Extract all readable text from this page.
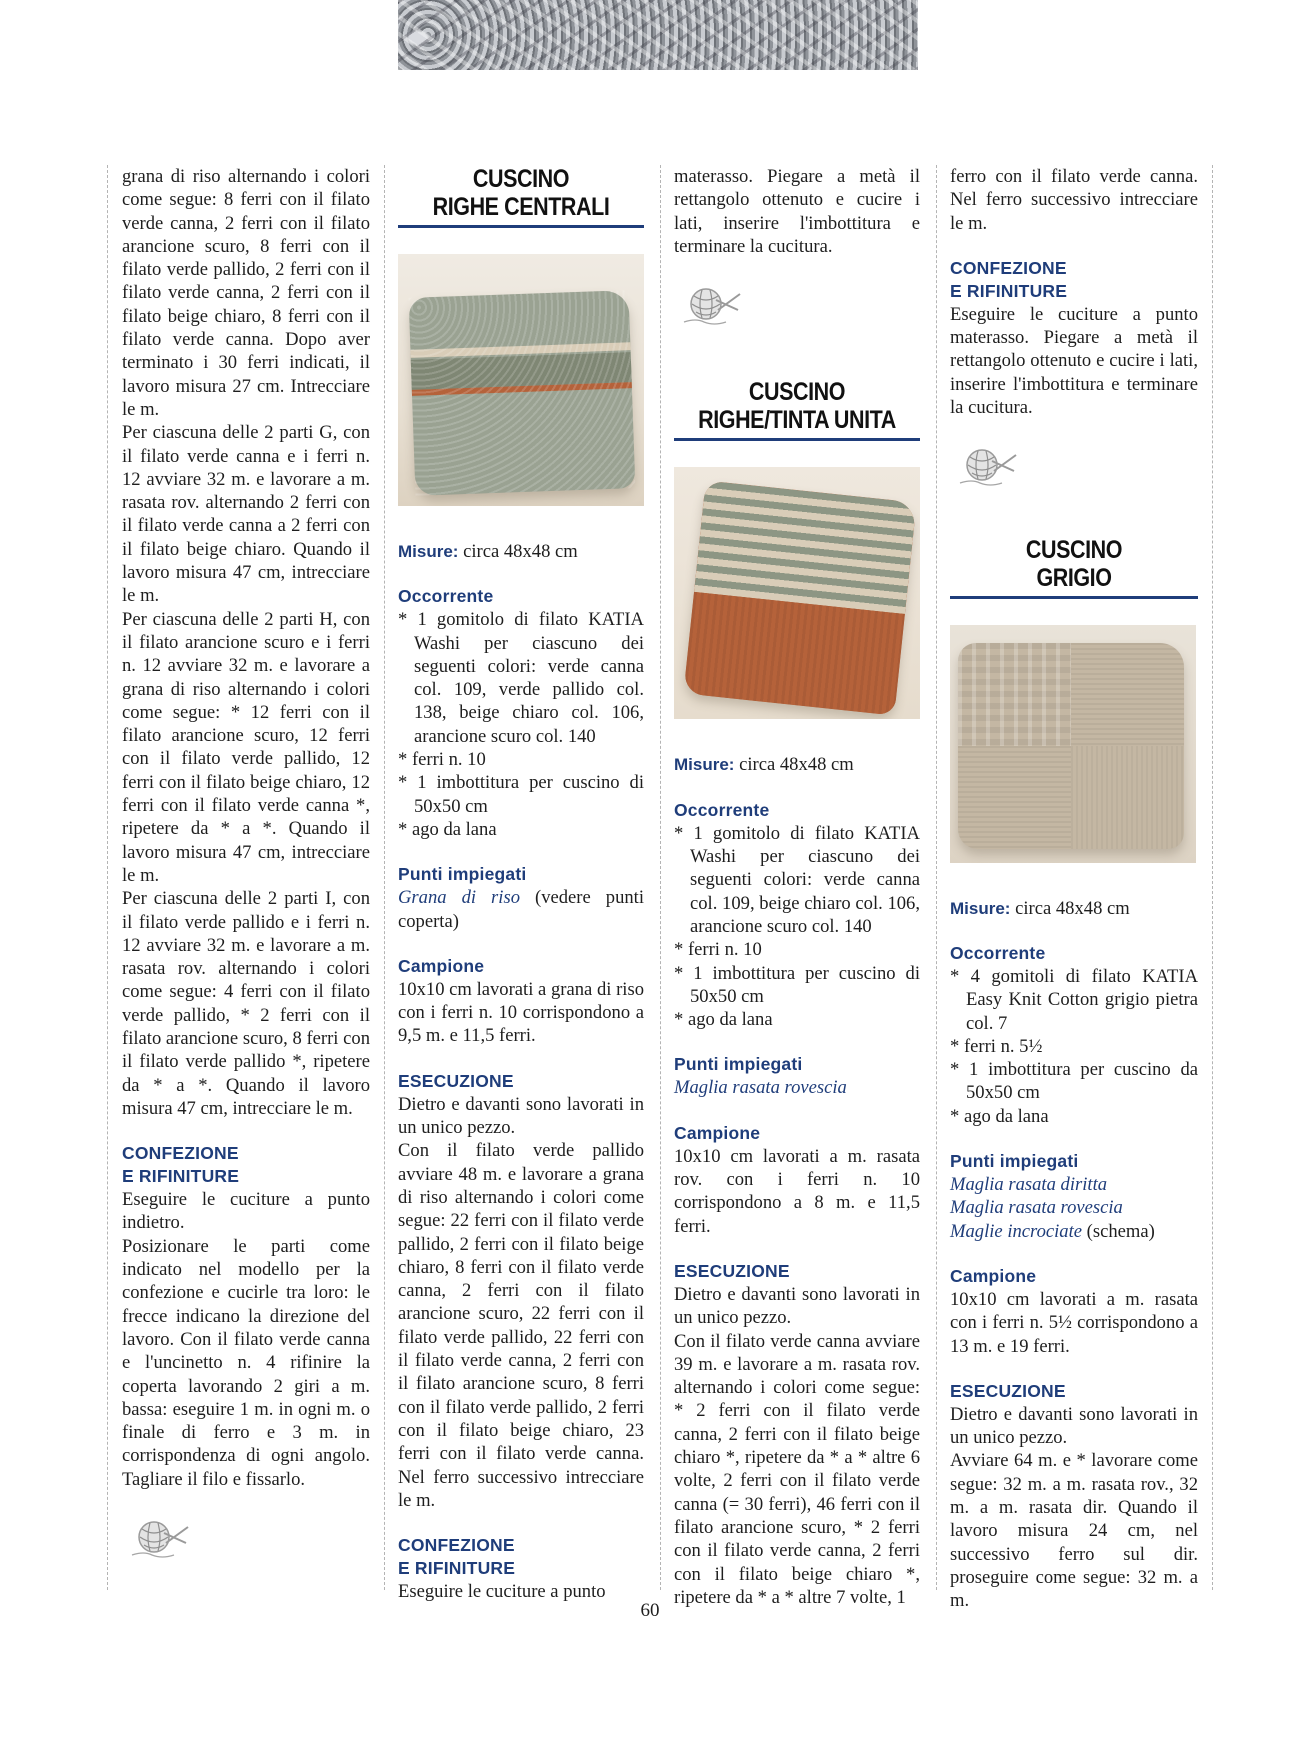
grana di riso alternando i colori come segue: 8 ferri con il filato verde canna, 2 ferri con il filato arancione scuro, 8 ferri con il filato verde pallido, 2 ferri con il filato verde canna, 2 ferri con il filato beige chiaro, 8 ferri con il filato verde canna. Dopo aver terminato i 30 ferri indicati, il lavoro misura 27 cm. Intrecciare le m.

Per ciascuna delle 2 parti G, con il filato verde canna e i ferri n. 12 avviare 32 m. e lavorare a m. rasata rov. alternando 2 ferri con il filato verde canna a 2 ferri con il filato beige chiaro. Quando il lavoro misura 47 cm, intrecciare le m.

Per ciascuna delle 2 parti H, con il filato arancione scuro e i ferri n. 12 avviare 32 m. e lavorare a grana di riso alternando i colori come segue: * 12 ferri con il filato arancione scuro, 12 ferri con il filato verde pallido, 12 ferri con il filato beige chiaro, 12 ferri con il filato verde canna *, ripetere da * a *. Quando il lavoro misura 47 cm, intrecciare le m.

Per ciascuna delle 2 parti I, con il filato verde pallido e i ferri n. 12 avviare 32 m. e lavorare a m. rasata rov. alternando i colori come segue: 4 ferri con il filato verde pallido, * 2 ferri con il filato arancione scuro, 8 ferri con il filato verde pallido *, ripetere da * a *. Quando il lavoro misura 47 cm, intrecciare le m.

CONFEZIONE
E RIFINITURE

Eseguire le cuciture a punto indietro.

Posizionare le parti come indicato nel modello per la confezione e cucirle tra loro: le frecce indicano la direzione del lavoro. Con il filato verde canna e l'uncinetto n. 4 rifinire la coperta lavorando 2 giri a m. bassa: eseguire 1 m. in ogni m. o finale di ferro e 3 m. in corrispondenza di ogni angolo. Tagliare il filo e fissarlo.

CUSCINO
RIGHE CENTRALI

Misure: circa 48x48 cm

Occorrente
* 1 gomitolo di filato KATIA Washi per ciascuno dei seguenti colori: verde canna col. 109, verde pallido col. 138, beige chiaro col. 106, arancione scuro col. 140
* ferri n. 10
* 1 imbottitura per cuscino di 50x50 cm
* ago da lana
Punti impiegati

Grana di riso (vedere punti coperta)

Campione

10x10 cm lavorati a grana di riso con i ferri n. 10 corrispondono a 9,5 m. e 11,5 ferri.

ESECUZIONE

Dietro e davanti sono lavorati in un unico pezzo.

Con il filato verde pallido avviare 48 m. e lavorare a grana di riso alternando i colori come segue: 22 ferri con il filato verde pallido, 2 ferri con il filato beige chiaro, 8 ferri con il filato verde canna, 2 ferri con il filato arancione scuro, 22 ferri con il filato verde pallido, 22 ferri con il filato verde canna, 2 ferri con il filato arancione scuro, 8 ferri con il filato verde pallido, 2 ferri con il filato beige chiaro, 23 ferri con il filato verde canna. Nel ferro successivo intrecciare le m.

CONFEZIONE
E RIFINITURE

Eseguire le cuciture a punto

materasso. Piegare a metà il rettangolo ottenuto e cucire i lati, inserire l'imbottitura e terminare la cucitura.

CUSCINO
RIGHE/TINTA UNITA

Misure: circa 48x48 cm

Occorrente
* 1 gomitolo di filato KATIA Washi per ciascuno dei seguenti colori: verde canna col. 109, beige chiaro col. 106, arancione scuro col. 140
* ferri n. 10
* 1 imbottitura per cuscino di 50x50 cm
* ago da lana
Punti impiegati

Maglia rasata rovescia

Campione

10x10 cm lavorati a m. rasata rov. con i ferri n. 10 corrispondono a 8 m. e 11,5 ferri.

ESECUZIONE

Dietro e davanti sono lavorati in un unico pezzo.

Con il filato verde canna avviare 39 m. e lavorare a m. rasata rov. alternando i colori come segue: * 2 ferri con il filato verde canna, 2 ferri con il filato beige chiaro *, ripetere da * a * altre 6 volte, 2 ferri con il filato verde canna (= 30 ferri), 46 ferri con il filato arancione scuro, * 2 ferri con il filato verde canna, 2 ferri con il filato beige chiaro *, ripetere da * a * altre 7 volte, 1

ferro con il filato verde canna. Nel ferro successivo intrecciare le m.

CONFEZIONE
E RIFINITURE

Eseguire le cuciture a punto materasso. Piegare a metà il rettangolo ottenuto e cucire i lati, inserire l'imbottitura e terminare la cucitura.

CUSCINO
GRIGIO

Misure: circa 48x48 cm

Occorrente
* 4 gomitoli di filato KATIA Easy Knit Cotton grigio pietra col. 7
* ferri n. 5½
* 1 imbottitura per cuscino da 50x50 cm
* ago da lana
Punti impiegati

Maglia rasata diritta

Maglia rasata rovescia

Maglie incrociate (schema)

Campione

10x10 cm lavorati a m. rasata con i ferri n. 5½ corrispondono a 13 m. e 19 ferri.

ESECUZIONE

Dietro e davanti sono lavorati in un unico pezzo.

Avviare 64 m. e * lavorare come segue: 32 m. a m. rasata rov., 32 m. a m. rasata dir. Quando il lavoro misura 24 cm, nel successivo ferro sul dir. proseguire come segue: 32 m. a m.

60
